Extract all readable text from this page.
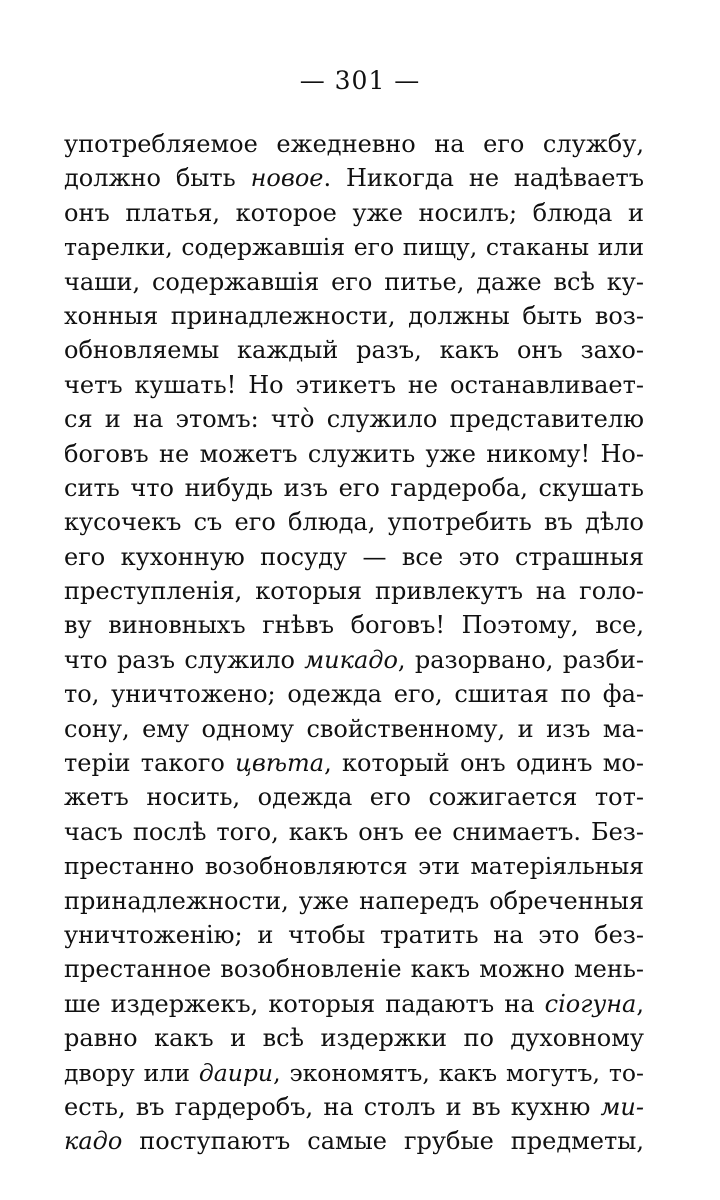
— 301 —
употребляемое ежедневно на его службу,
должно быть новое. Никогда не надѣваетъ
онъ платья, которое уже носилъ; блюда и
тарелки, содержавшія его пищу, стаканы или
чаши, содержавшія его питье, даже всѣ ку-
хонныя принадлежности, должны быть воз-
обновляемы каждый разъ, какъ онъ захо-
четъ кушать! Но этикетъ не останавливает-
ся и на этомъ: что̀ служило представителю
боговъ не можетъ служить уже никому! Но-
сить что нибудь изъ его гардероба, скушать
кусочекъ съ его блюда, употребить въ дѣло
его кухонную посуду — все это страшныя
преступленія, которыя привлекутъ на голо-
ву виновныхъ гнѣвъ боговъ! Поэтому, все,
что разъ служило микадо, разорвано, разби-
то, уничтожено; одежда его, сшитая по фа-
сону, ему одному свойственному, и изъ ма-
теріи такого цвѣта, который онъ одинъ мо-
жетъ носить, одежда его сожигается тот-
часъ послѣ того, какъ онъ ее снимаетъ. Без-
престанно возобновляются эти матеріяльныя
принадлежности, уже напередъ обреченныя
уничтоженію; и чтобы тратить на это без-
престанное возобновленіе какъ можно мень-
ше издержекъ, которыя падаютъ на сіогуна,
равно какъ и всѣ издержки по духовному
двору или даири, экономятъ, какъ могутъ, то-
есть, въ гардеробъ, на столъ и въ кухню ми-
кадо поступаютъ самые грубые предметы,
